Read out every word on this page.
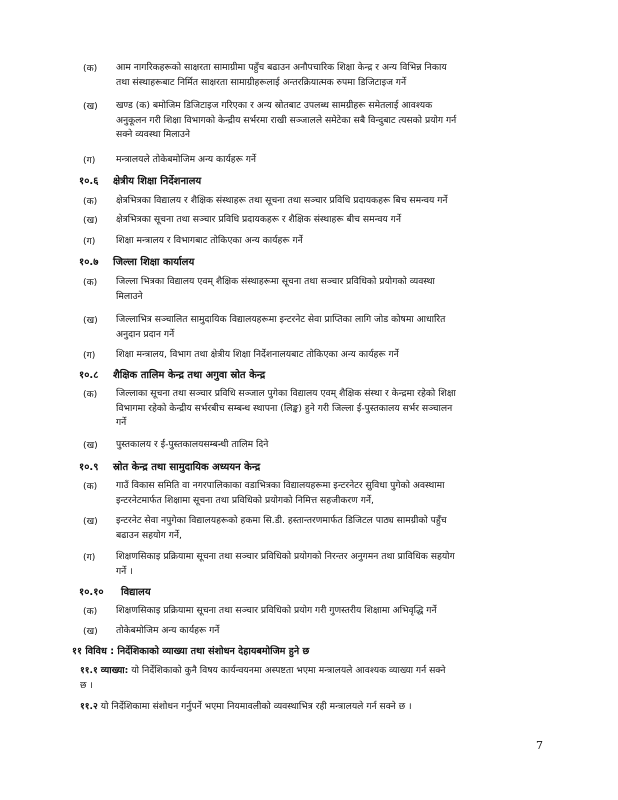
(क) आम नागरिकहरूको साक्षरता सामाग्रीमा पहुँच बढाउन अनौपचारिक शिक्षा केन्द्र र अन्य विभिन्न निकाय
तथा संस्थाहरूबाट निर्मित साक्षरता सामाग्रीहरूलाई अन्तरक्रियात्मक रुपमा डिजिटाइज गर्ने
(ख) खण्ड (क) बमोजिम डिजिटाइज गरिएका र अन्य स्रोतबाट उपलब्ध सामग्रीहरू समेतलाई आवश्यक
अनुकूलन गरी शिक्षा विभागको केन्द्रीय सर्भरमा राखी सञ्जालले समेटेका सबै विन्दुबाट त्यसको प्रयोग गर्न
सक्ने व्यवस्था मिलाउने
(ग) मन्त्रालयले तोकेबमोजिम अन्य कार्यहरू गर्ने
१०.६ क्षेत्रीय शिक्षा निर्देशनालय
(क) क्षेत्रभित्रका विद्यालय र शैक्षिक संस्थाहरू तथा सूचना तथा सञ्चार प्रविधि प्रदायकहरू बिच समन्वय गर्ने
(ख) क्षेत्रभित्रका सूचना तथा सञ्चार प्रविधि प्रदायकहरू र शैक्षिक संस्थाहरू बीच समन्वय गर्ने
(ग) शिक्षा मन्त्रालय र विभागबाट तोकिएका अन्य कार्यहरू गर्ने
१०.७ जिल्ला शिक्षा कार्यालय
(क) जिल्ला भित्रका विद्यालय एवम् शैक्षिक संस्थाहरूमा सूचना तथा सञ्चार प्रविधिको प्रयोगको व्यवस्था
मिलाउने
(ख) जिल्लाभित्र सञ्चालित सामुदायिक विद्यालयहरूमा इन्टरनेट सेवा प्राप्तिका लागि जोड कोषमा आधारित
अनुदान प्रदान गर्ने
(ग) शिक्षा मन्त्रालय, विभाग तथा क्षेत्रीय शिक्षा निर्देशनालयबाट तोकिएका अन्य कार्यहरू गर्ने
१०.८ शैक्षिक तालिम केन्द्र तथा अगुवा स्रोत केन्द्र
(क) जिल्लाका सूचना तथा सञ्चार प्रविधि सञ्जाल पुगेका विद्यालय एवम् शैक्षिक संस्था र केन्द्रमा रहेको शिक्षा
विभागमा रहेको केन्द्रीय सर्भरबीच सम्बन्ध स्थापना (लिङ्क) हुने गरी जिल्ला ई-पुस्तकालय सर्भर सञ्चालन
गर्ने
(ख) पुस्तकालय र ई-पुस्तकालयसम्बन्धी तालिम दिने
१०.९ स्रोत केन्द्र तथा सामुदायिक अध्ययन केन्द्र
(क) गाउँ विकास समिति वा नगरपालिकाका वडाभित्रका विद्यालयहरूमा इन्टरनेटर सुविधा पुगेको अवस्थामा
इन्टरनेटमार्फत शिक्षामा सूचना तथा प्रविधिको प्रयोगको निमित्त सहजीकरण गर्ने,
(ख) इन्टरनेट सेवा नपुगेका विद्यालयहरूको हकमा सि.डी. हस्तान्तरणमार्फत डिजिटल पाठ्य सामग्रीको पहुँच
बढाउन सहयोग गर्ने,
(ग) शिक्षणसिकाइ प्रक्रियामा सूचना तथा सञ्चार प्रविधिको प्रयोगको निरन्तर अनुगमन तथा प्राविधिक सहयोग
गर्ने ।
१०.१० विद्यालय
(क) शिक्षणसिकाइ प्रक्रियामा सूचना तथा सञ्चार प्रविधिको प्रयोग गरी गुणस्तरीय शिक्षामा अभिवृद्धि गर्ने
(ख) तोकेबमोजिम अन्य कार्यहरू गर्ने
११ विविध : निर्देशिकाको व्याख्या तथा संशोधन देहायबमोजिम हुने छ
११.१ व्याख्या: यो निर्देशिकाको कुनै विषय कार्यन्वयनमा अस्पष्टता भएमा मन्त्रालयले आवश्यक व्याख्या गर्न सक्ने
छ ।
११.२ यो निर्देशिकामा संशोधन गर्नुपर्ने भएमा नियमावलीको व्यवस्थाभित्र रही मन्त्रालयले गर्न सक्ने छ ।
7
